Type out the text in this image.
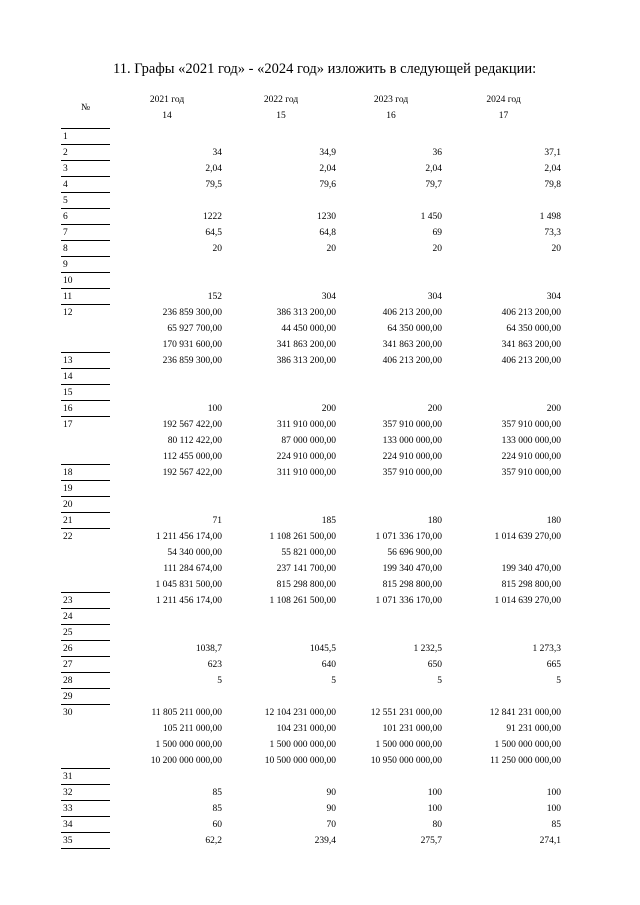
11. Графы «2021 год» - «2024 год» изложить в следующей редакции:
№	2021 год	2022 год	2023 год	2024 год
	14	15	16	17

1				
2	34	34,9	36	37,1
3	2,04	2,04	2,04	2,04
4	79,5	79,6	79,7	79,8
5				
6	1222	1230	1 450	1 498
7	64,5	64,8	69	73,3
8	20	20	20	20
9				
10				
11	152	304	304	304
12	236 859 300,00	386 313 200,00	406 213 200,00	406 213 200,00
	65 927 700,00	44 450 000,00	64 350 000,00	64 350 000,00
	170 931 600,00	341 863 200,00	341 863 200,00	341 863 200,00
13	236 859 300,00	386 313 200,00	406 213 200,00	406 213 200,00
14				
15				
16	100	200	200	200
17	192 567 422,00	311 910 000,00	357 910 000,00	357 910 000,00
	80 112 422,00	87 000 000,00	133 000 000,00	133 000 000,00
	112 455 000,00	224 910 000,00	224 910 000,00	224 910 000,00
18	192 567 422,00	311 910 000,00	357 910 000,00	357 910 000,00
19				
20				
21	71	185	180	180
22	1 211 456 174,00	1 108 261 500,00	1 071 336 170,00	1 014 639 270,00
	54 340 000,00	55 821 000,00	56 696 900,00	
	111 284 674,00	237 141 700,00	199 340 470,00	199 340 470,00
	1 045 831 500,00	815 298 800,00	815 298 800,00	815 298 800,00
23	1 211 456 174,00	1 108 261 500,00	1 071 336 170,00	1 014 639 270,00
24				
25				
26	1038,7	1045,5	1 232,5	1 273,3
27	623	640	650	665
28	5	5	5	5
29				
30	11 805 211 000,00	12 104 231 000,00	12 551 231 000,00	12 841 231 000,00
	105 211 000,00	104 231 000,00	101 231 000,00	91 231 000,00
	1 500 000 000,00	1 500 000 000,00	1 500 000 000,00	1 500 000 000,00
	10 200 000 000,00	10 500 000 000,00	10 950 000 000,00	11 250 000 000,00
31				
32	85	90	100	100
33	85	90	100	100
34	60	70	80	85
35	62,2	239,4	275,7	274,1
